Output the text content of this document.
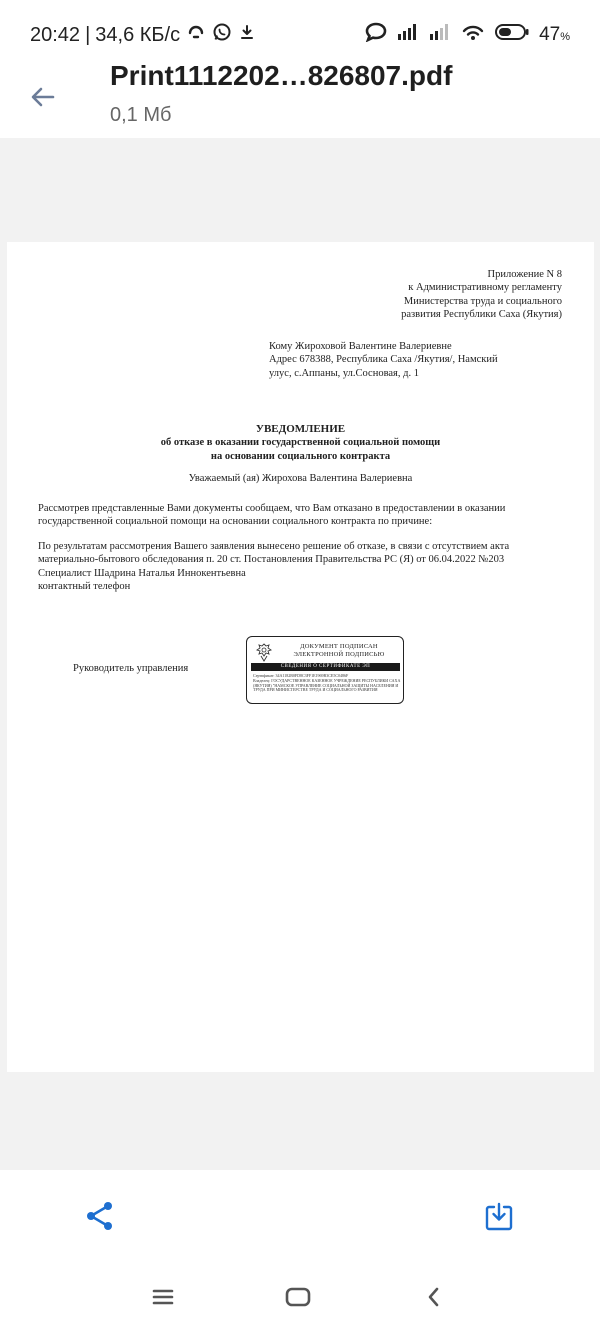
20:42 | 34,6 КБ/с	47%
Print1112202…826807.pdf
0,1 Мб
Приложение N 8
к Административному регламенту
Министерства труда и социального
развития Республики Саха (Якутия)
Кому Жироховой Валентине Валериевне
Адрес 678388, Республика Саха /Якутия/, Намский
улус, с.Аппаны, ул.Сосновая, д. 1
УВЕДОМЛЕНИЕ
об отказе в оказании государственной социальной помощи
на основании социального контракта
Уважаемый (ая) Жирохова Валентина Валериевна

Рассмотрев представленные Вами документы сообщаем, что Вам отказано в предоставлении в оказании государственной социальной помощи на основании социального контракта по причине:

По результатам рассмотрения Вашего заявления вынесено решение об отказе, в связи с отсутствием акта материально-бытового обследования п. 20 ст. Постановления Правительства РС (Я) от 06.04.2022 №203

Специалист Шадрина Наталья Иннокентьевна
контактный телефон
Руководитель управления
ДОКУМЕНТ ПОДПИСАН
ЭЛЕКТРОННОЙ ПОДПИСЬЮ
СВЕДЕНИЯ О СЕРТИФИКАТЕ ЭП
Сертификат: 34A1182B0FD8C3FF1E1969B3CE5C0486F
Владелец: ГОСУДАРСТВЕННОЕ КАЗЕННОЕ УЧРЕЖДЕНИЕ РЕСПУБЛИКИ САХА (ЯКУТИЯ) "НАМСКОЕ УПРАВЛЕНИЕ СОЦИАЛЬНОЙ ЗАЩИТЫ НАСЕЛЕНИЯ И ТРУДА ПРИ МИНИСТЕРСТВЕ ТРУДА И СОЦИАЛЬНОГО РАЗВИТИЯ
